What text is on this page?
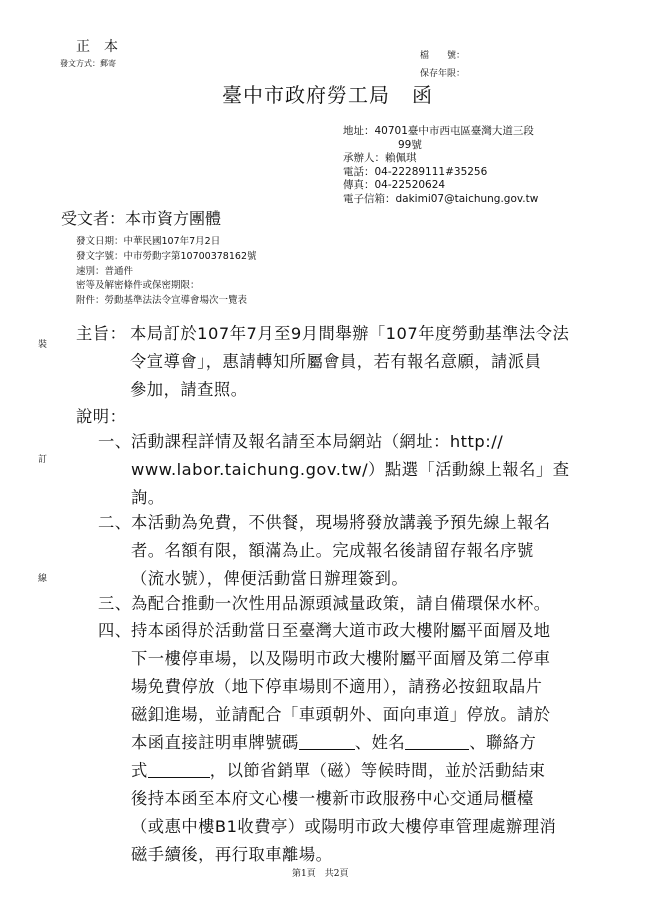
正本
發文方式：郵寄
檔　　號：
保存年限：
臺中市政府勞工局 函
地址：40701臺中市西屯區臺灣大道三段
99號
承辦人：賴佩琪
電話：04-22289111#35256
傳真：04-22520624
電子信箱：dakimi07@taichung.gov.tw
受文者：本市資方團體
發文日期：中華民國107年7月2日
發文字號：中市勞動字第10700378162號
速別：普通件
密等及解密條件或保密期限：
附件：勞動基準法法令宣導會場次一覽表
裝
訂
線
主旨： 本局訂於107年7月至9月間舉辦「107年度勞動基準法令法
令宣導會」，惠請轉知所屬會員，若有報名意願，請派員
參加，請查照。
說明：
一、 活動課程詳情及報名請至本局網站（網址：http://
www.labor.taichung.gov.tw/）點選「活動線上報名」查
詢。
二、 本活動為免費，不供餐，現場將發放講義予預先線上報名
者。名額有限，額滿為止。完成報名後請留存報名序號
（流水號），俾便活動當日辦理簽到。
三、 為配合推動一次性用品源頭減量政策，請自備環保水杯。
四、 持本函得於活動當日至臺灣大道市政大樓附屬平面層及地
下一樓停車場，以及陽明市政大樓附屬平面層及第二停車
場免費停放（地下停車場則不適用），請務必按鈕取晶片
磁釦進場，並請配合「車頭朝外、面向車道」停放。請於
本函直接註明車牌號碼	、姓名	、聯絡方
式	，以節省銷單（磁）等候時間，並於活動結束
後持本函至本府文心樓一樓新市政服務中心交通局櫃檯
（或惠中樓B1收費亭）或陽明市政大樓停車管理處辦理消
磁手續後，再行取車離場。
第1頁　共2頁
